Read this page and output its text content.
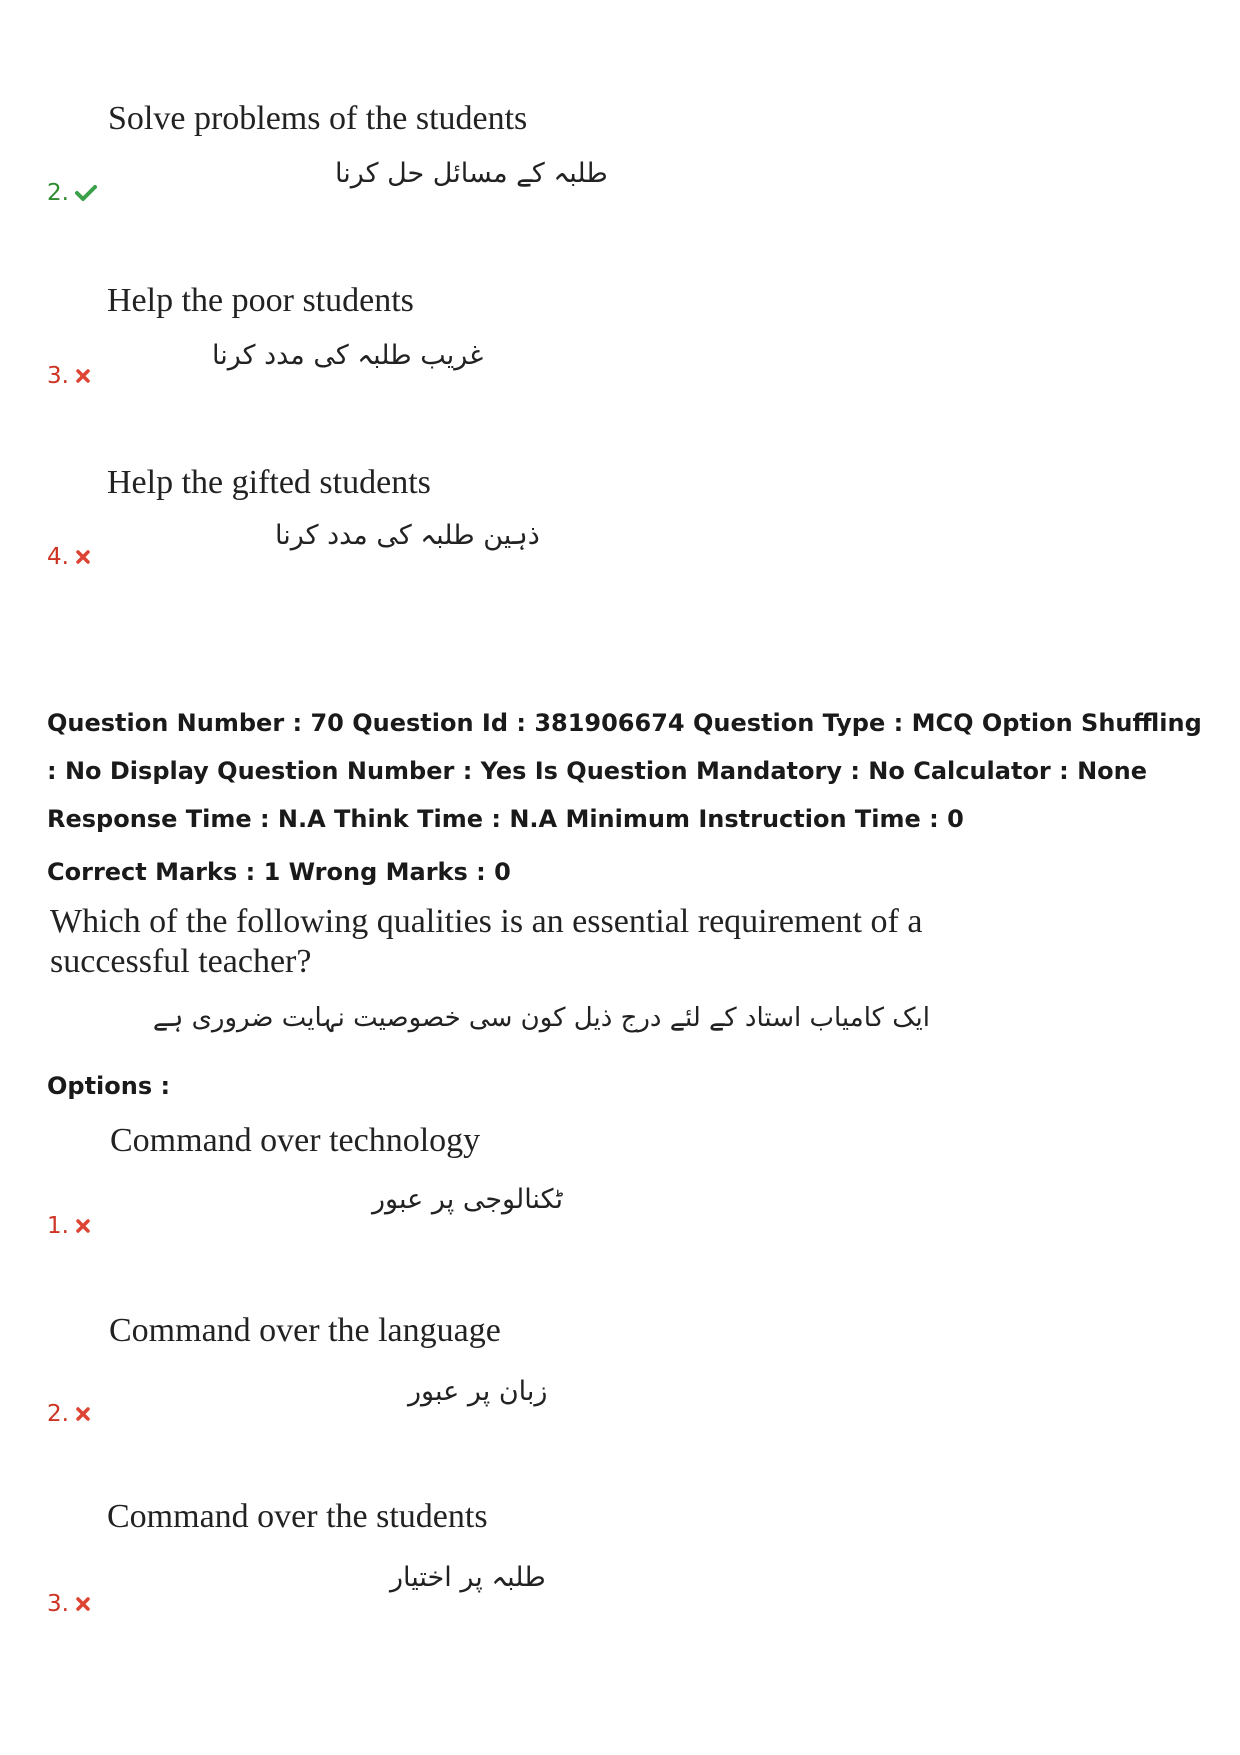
Solve problems of the students
طلبہ کے مسائل حل کرنا
2.
Help the poor students
غریب طلبہ کی مدد کرنا
3.
Help the gifted students
ذہین طلبہ کی مدد کرنا
4.
Question Number : 70 Question Id : 381906674 Question Type : MCQ Option Shuffling : No Display Question Number : Yes Is Question Mandatory : No Calculator : None Response Time : N.A Think Time : N.A Minimum Instruction Time : 0
Correct Marks : 1 Wrong Marks : 0
Which of the following qualities is an essential requirement of a successful teacher?
ایک کامیاب استاد کے لئے درج ذیل کون سی خصوصیت نہایت ضروری ہے
Options :
Command over technology
ٹکنالوجی پر عبور
1.
Command over the language
زبان پر عبور
2.
Command over the students
طلبہ پر اختیار
3.
